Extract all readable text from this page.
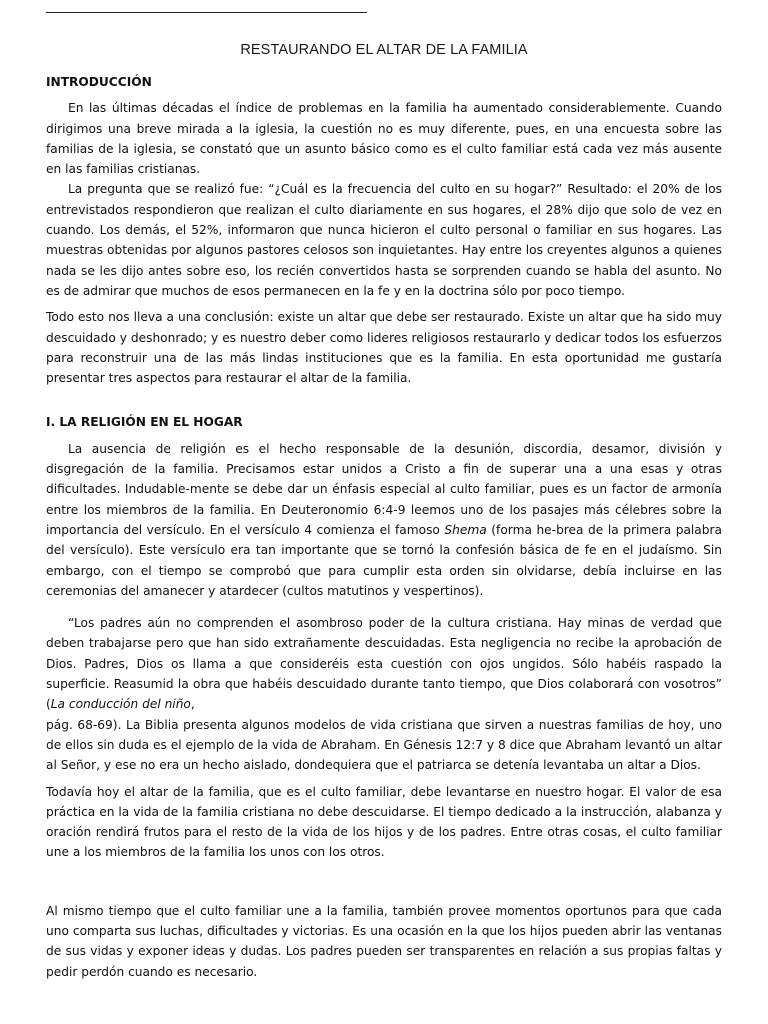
RESTAURANDO EL ALTAR DE LA FAMILIA

INTRODUCCIÓN

En las últimas décadas el índice de problemas en la familia ha aumentado considerablemente. Cuando dirigimos una breve mirada a la iglesia, la cuestión no es muy diferente, pues, en una encuesta sobre las familias de la iglesia, se constató que un asunto básico como es el culto familiar está cada vez más ausente en las familias cristianas.

La pregunta que se realizó fue: “¿Cuál es la frecuencia del culto en su hogar?” Resultado: el 20% de los entrevistados respondieron que realizan el culto diariamente en sus hogares, el 28% dijo que solo de vez en cuando. Los demás, el 52%, informaron que nunca hicieron el culto personal o familiar en sus hogares. Las muestras obtenidas por algunos pastores celosos son inquietantes. Hay entre los creyentes algunos a quienes nada se les dijo antes sobre eso, los recién convertidos hasta se sorprenden cuando se habla del asunto. No es de admirar que muchos de esos permanecen en la fe y en la doctrina sólo por poco tiempo.

Todo esto nos lleva a una conclusión: existe un altar que debe ser restaurado. Existe un altar que ha sido muy descuidado y deshonrado; y es nuestro deber como lideres religiosos restaurarlo y dedicar todos los esfuerzos para reconstruir una de las más lindas instituciones que es la familia. En esta oportunidad me gustaría presentar tres aspectos para restaurar el altar de la familia.

I. LA RELIGIÓN EN EL HOGAR

La ausencia de religión es el hecho responsable de la desunión, discordia, desamor, división y disgregación de la familia. Precisamos estar unidos a Cristo a fin de superar una a una esas y otras dificultades. Indudable-mente se debe dar un énfasis especial al culto familiar, pues es un factor de armonía entre los miembros de la familia. En Deuteronomio 6:4-9 leemos uno de los pasajes más célebres sobre la importancia del versículo. En el versículo 4 comienza el famoso Shema (forma he-brea de la primera palabra del versículo). Este versículo era tan importante que se tornó la confesión básica de fe en el judaísmo. Sin embargo, con el tiempo se comprobó que para cumplir esta orden sin olvidarse, debía incluirse en las ceremonias del amanecer y atardecer (cultos matutinos y vespertinos).

“Los padres aún no comprenden el asombroso poder de la cultura cristiana. Hay minas de verdad que deben trabajarse pero que han sido extrañamente descuidadas. Esta negligencia no recibe la aprobación de Dios. Padres, Dios os llama a que consideréis esta cuestión con ojos ungidos. Sólo habéis raspado la superficie. Reasumid la obra que habéis descuidado durante tanto tiempo, que Dios colaborará con vosotros” (La conducción del niño,
pág. 68-69). La Biblia presenta algunos modelos de vida cristiana que sirven a nuestras familias de hoy, uno de ellos sin duda es el ejemplo de la vida de Abraham. En Génesis 12:7 y 8 dice que Abraham levantó un altar al Señor, y ese no era un hecho aislado, dondequiera que el patriarca se detenía levantaba un altar a Dios.

Todavía hoy el altar de la familia, que es el culto familiar, debe levantarse en nuestro hogar. El valor de esa práctica en la vida de la familia cristiana no debe descuidarse. El tiempo dedicado a la instrucción, alabanza y oración rendirá frutos para el resto de la vida de los hijos y de los padres. Entre otras cosas, el culto familiar une a los miembros de la familia los unos con los otros.

Al mismo tiempo que el culto familiar une a la familia, también provee momentos oportunos para que cada uno comparta sus luchas, dificultades y victorias. Es una ocasión en la que los hijos pueden abrir las ventanas de sus vidas y exponer ideas y dudas. Los padres pueden ser transparentes en relación a sus propias faltas y pedir perdón cuando es necesario.
